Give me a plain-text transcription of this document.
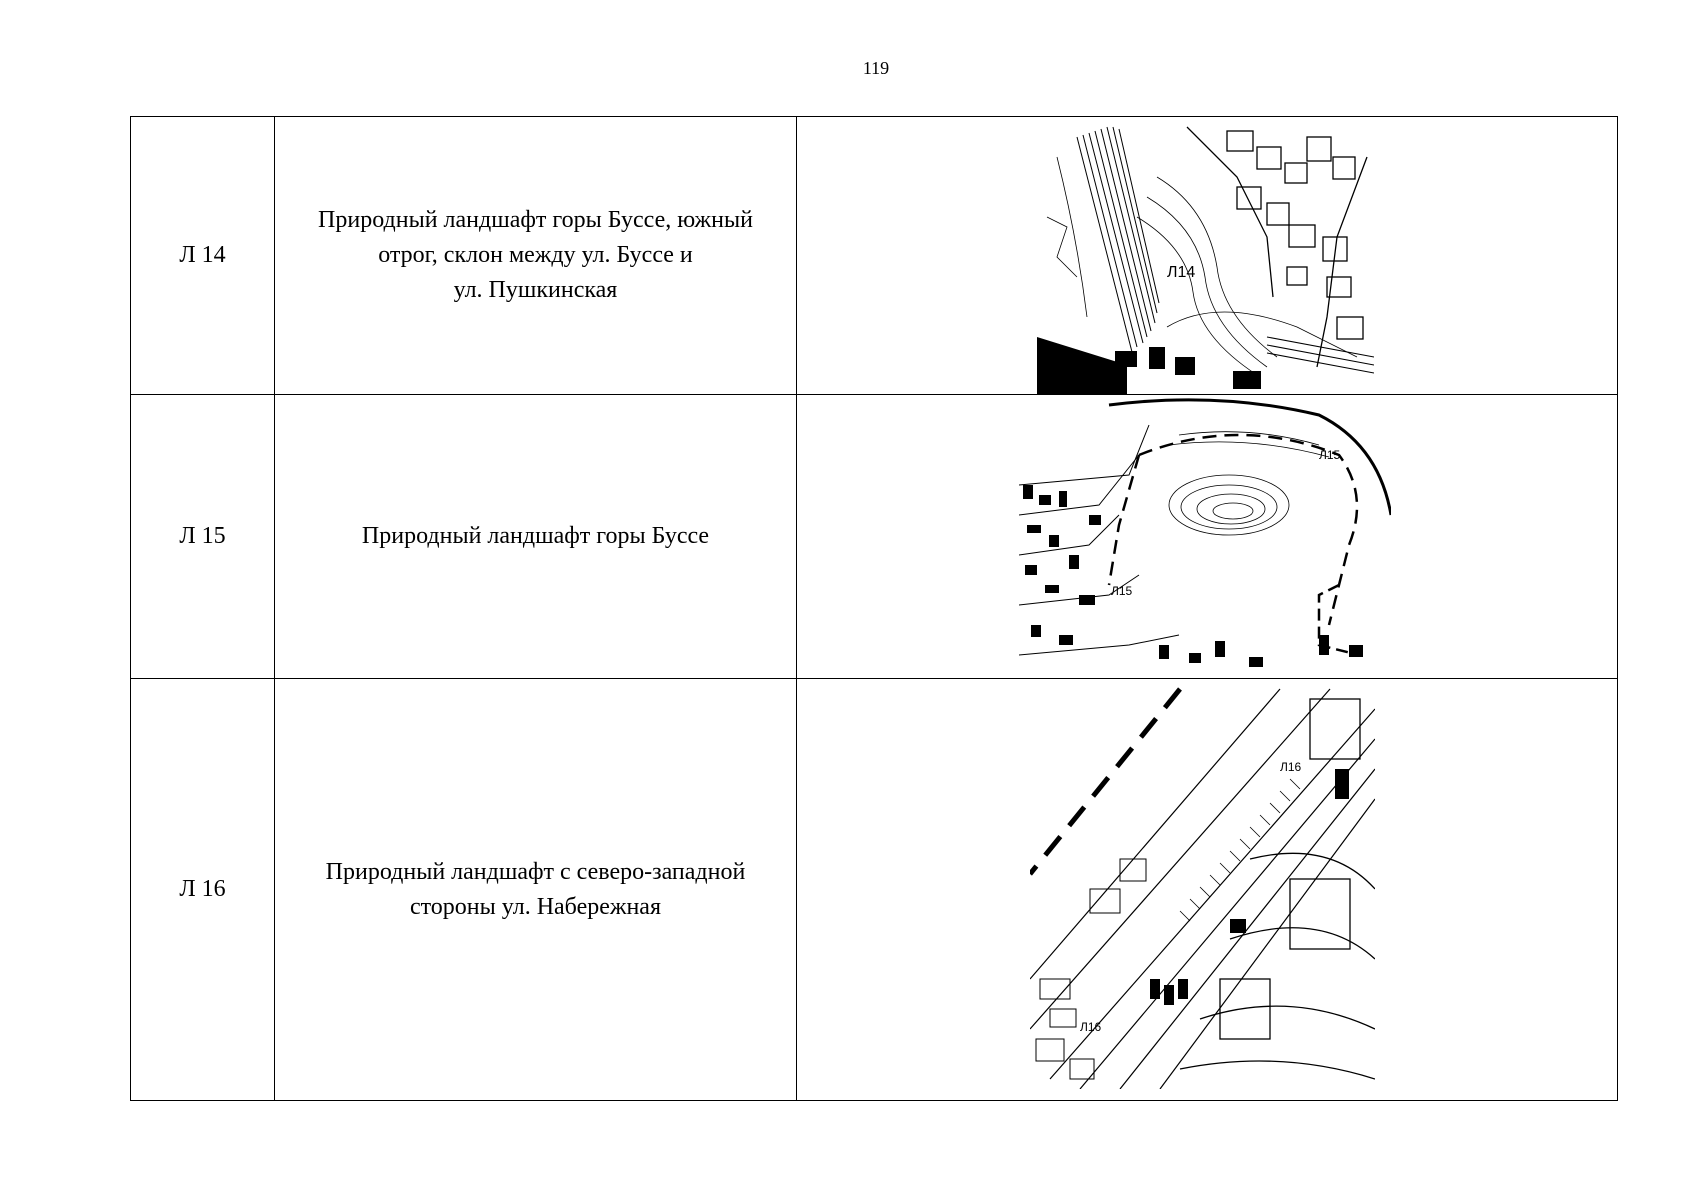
119
Л 14	Природный ландшафт горы Буссе, южный
отрог, склон между ул. Буссе и
ул. Пушкинская	Л14

Л 15	Природный ландшафт горы Буссе	Л15
Л15

Л 16	Природный ландшафт с северо-западной
стороны ул. Набережная	Л16
Л16
